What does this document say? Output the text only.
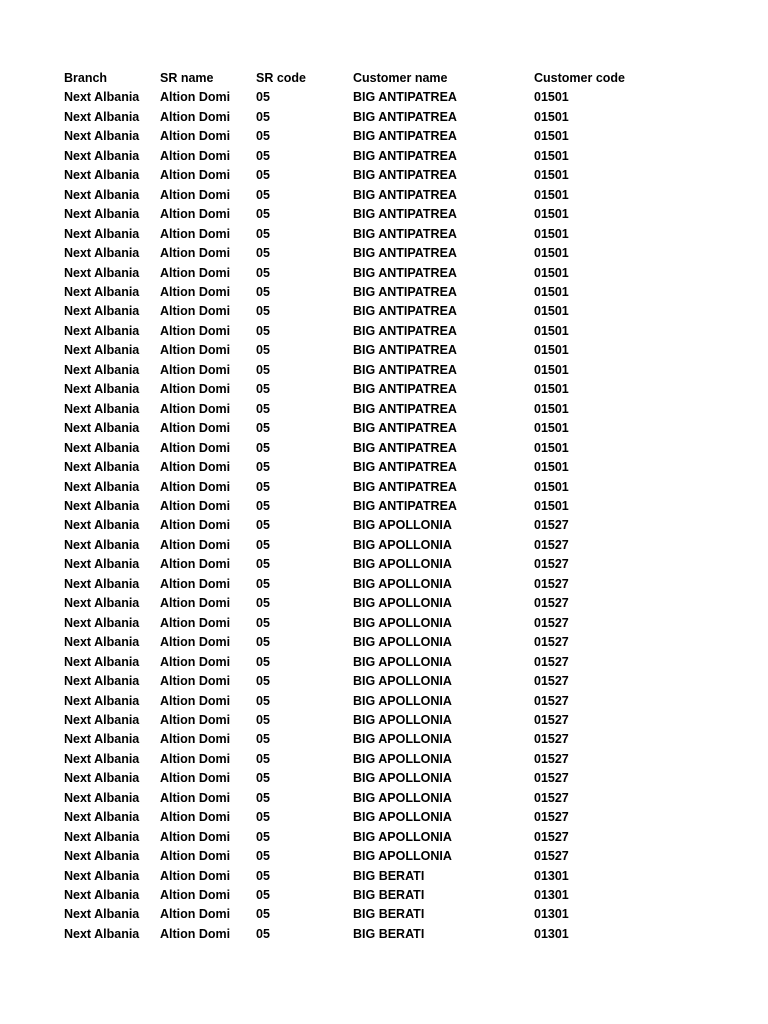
Branch	SR name	SR code	Customer name	Customer code
Next Albania	Altion Domi	05	BIG ANTIPATREA	01501
Next Albania	Altion Domi	05	BIG ANTIPATREA	01501
Next Albania	Altion Domi	05	BIG ANTIPATREA	01501
Next Albania	Altion Domi	05	BIG ANTIPATREA	01501
Next Albania	Altion Domi	05	BIG ANTIPATREA	01501
Next Albania	Altion Domi	05	BIG ANTIPATREA	01501
Next Albania	Altion Domi	05	BIG ANTIPATREA	01501
Next Albania	Altion Domi	05	BIG ANTIPATREA	01501
Next Albania	Altion Domi	05	BIG ANTIPATREA	01501
Next Albania	Altion Domi	05	BIG ANTIPATREA	01501
Next Albania	Altion Domi	05	BIG ANTIPATREA	01501
Next Albania	Altion Domi	05	BIG ANTIPATREA	01501
Next Albania	Altion Domi	05	BIG ANTIPATREA	01501
Next Albania	Altion Domi	05	BIG ANTIPATREA	01501
Next Albania	Altion Domi	05	BIG ANTIPATREA	01501
Next Albania	Altion Domi	05	BIG ANTIPATREA	01501
Next Albania	Altion Domi	05	BIG ANTIPATREA	01501
Next Albania	Altion Domi	05	BIG ANTIPATREA	01501
Next Albania	Altion Domi	05	BIG ANTIPATREA	01501
Next Albania	Altion Domi	05	BIG ANTIPATREA	01501
Next Albania	Altion Domi	05	BIG ANTIPATREA	01501
Next Albania	Altion Domi	05	BIG ANTIPATREA	01501
Next Albania	Altion Domi	05	BIG APOLLONIA	01527
Next Albania	Altion Domi	05	BIG APOLLONIA	01527
Next Albania	Altion Domi	05	BIG APOLLONIA	01527
Next Albania	Altion Domi	05	BIG APOLLONIA	01527
Next Albania	Altion Domi	05	BIG APOLLONIA	01527
Next Albania	Altion Domi	05	BIG APOLLONIA	01527
Next Albania	Altion Domi	05	BIG APOLLONIA	01527
Next Albania	Altion Domi	05	BIG APOLLONIA	01527
Next Albania	Altion Domi	05	BIG APOLLONIA	01527
Next Albania	Altion Domi	05	BIG APOLLONIA	01527
Next Albania	Altion Domi	05	BIG APOLLONIA	01527
Next Albania	Altion Domi	05	BIG APOLLONIA	01527
Next Albania	Altion Domi	05	BIG APOLLONIA	01527
Next Albania	Altion Domi	05	BIG APOLLONIA	01527
Next Albania	Altion Domi	05	BIG APOLLONIA	01527
Next Albania	Altion Domi	05	BIG APOLLONIA	01527
Next Albania	Altion Domi	05	BIG APOLLONIA	01527
Next Albania	Altion Domi	05	BIG APOLLONIA	01527
Next Albania	Altion Domi	05	BIG BERATI	01301
Next Albania	Altion Domi	05	BIG BERATI	01301
Next Albania	Altion Domi	05	BIG BERATI	01301
Next Albania	Altion Domi	05	BIG BERATI	01301
